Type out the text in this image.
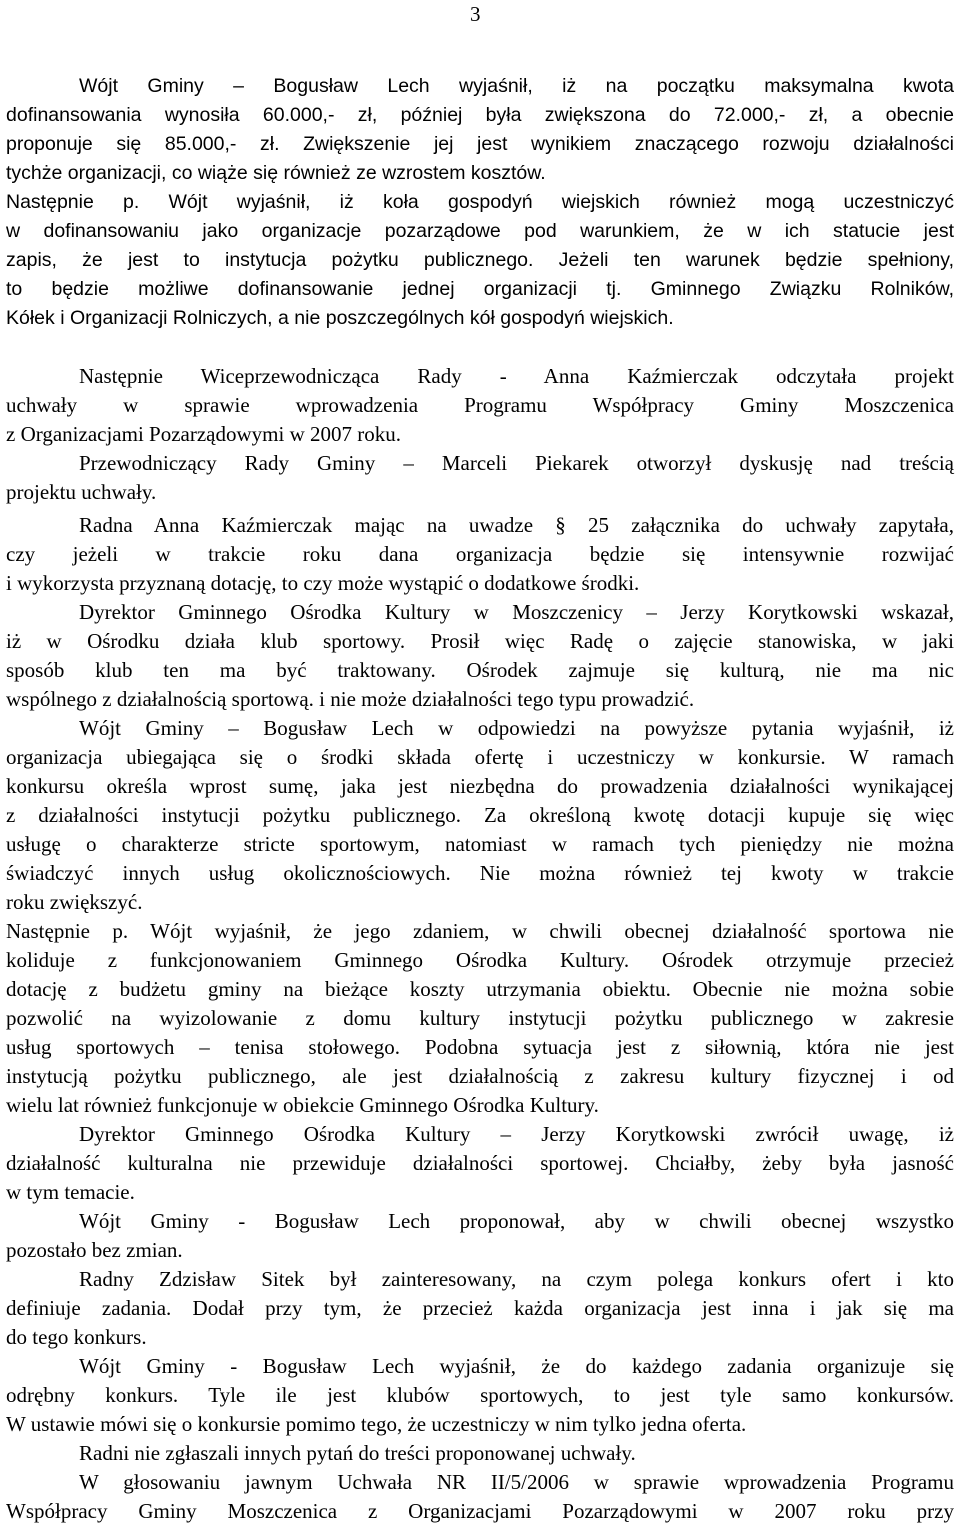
3
Wójt Gminy – Bogusław Lech wyjaśnił, iż na początku maksymalna kwota
dofinansowania wynosiła 60.000,- zł, później była zwiększona do 72.000,- zł, a obecnie
proponuje się 85.000,- zł. Zwiększenie jej jest wynikiem znaczącego rozwoju działalności
tychże organizacji, co wiąże się również ze wzrostem kosztów.
Następnie p. Wójt wyjaśnił, iż koła gospodyń wiejskich również mogą uczestniczyć
w dofinansowaniu jako organizacje pozarządowe pod warunkiem, że w ich statucie jest
zapis, że jest to instytucja pożytku publicznego. Jeżeli ten warunek będzie spełniony,
to będzie możliwe dofinansowanie jednej organizacji tj. Gminnego Związku Rolników,
Kółek i Organizacji Rolniczych, a nie poszczególnych kół gospodyń wiejskich.
Następnie Wiceprzewodnicząca Rady - Anna Kaźmierczak odczytała projekt
uchwały w sprawie wprowadzenia Programu Współpracy Gminy Moszczenica
z Organizacjami Pozarządowymi w 2007 roku.
Przewodniczący Rady Gminy – Marceli Piekarek otworzył dyskusję nad treścią
projektu uchwały.
Radna Anna Kaźmierczak mając na uwadze § 25 załącznika do uchwały zapytała,
czy jeżeli w trakcie roku dana organizacja będzie się intensywnie rozwijać
i wykorzysta przyznaną dotację, to czy może wystąpić o dodatkowe środki.
Dyrektor Gminnego Ośrodka Kultury w Moszczenicy – Jerzy Korytkowski wskazał,
iż w Ośrodku działa klub sportowy. Prosił więc Radę o zajęcie stanowiska, w jaki
sposób klub ten ma być traktowany. Ośrodek zajmuje się kulturą, nie ma nic
wspólnego z działalnością sportową. i nie może działalności tego typu prowadzić.
Wójt Gminy – Bogusław Lech w odpowiedzi na powyższe pytania wyjaśnił, iż
organizacja ubiegająca się o środki składa ofertę i uczestniczy w konkursie. W ramach
konkursu określa wprost sumę, jaka jest niezbędna do prowadzenia działalności wynikającej
z działalności instytucji pożytku publicznego. Za określoną kwotę dotacji kupuje się więc
usługę o charakterze stricte sportowym, natomiast w ramach tych pieniędzy nie można
świadczyć innych usług okolicznościowych. Nie można również tej kwoty w trakcie
roku zwiększyć.
Następnie p. Wójt wyjaśnił, że jego zdaniem, w chwili obecnej działalność sportowa nie
koliduje z funkcjonowaniem Gminnego Ośrodka Kultury. Ośrodek otrzymuje przecież
dotację z budżetu gminy na bieżące koszty utrzymania obiektu. Obecnie nie można sobie
pozwolić na wyizolowanie z domu kultury instytucji pożytku publicznego w zakresie
usług sportowych – tenisa stołowego. Podobna sytuacja jest z siłownią, która nie jest
instytucją pożytku publicznego, ale jest działalnością z zakresu kultury fizycznej i od
wielu lat również funkcjonuje w obiekcie Gminnego Ośrodka Kultury.
Dyrektor Gminnego Ośrodka Kultury – Jerzy Korytkowski zwrócił uwagę, iż
działalność kulturalna nie przewiduje działalności sportowej. Chciałby, żeby była jasność
w tym temacie.
Wójt Gminy - Bogusław Lech proponował, aby w chwili obecnej wszystko
pozostało bez zmian.
Radny Zdzisław Sitek był zainteresowany, na czym polega konkurs ofert i kto
definiuje zadania. Dodał przy tym, że przecież każda organizacja jest inna i jak się ma
do tego konkurs.
Wójt Gminy - Bogusław Lech wyjaśnił, że do każdego zadania organizuje się
odrębny konkurs. Tyle ile jest klubów sportowych, to jest tyle samo konkursów.
W ustawie mówi się o konkursie pomimo tego, że uczestniczy w nim tylko jedna oferta.
Radni nie zgłaszali innych pytań do treści proponowanej uchwały.
W głosowaniu jawnym Uchwała NR II/5/2006 w sprawie wprowadzenia Programu
Współpracy Gminy Moszczenica z Organizacjami Pozarządowymi w 2007 roku przy
